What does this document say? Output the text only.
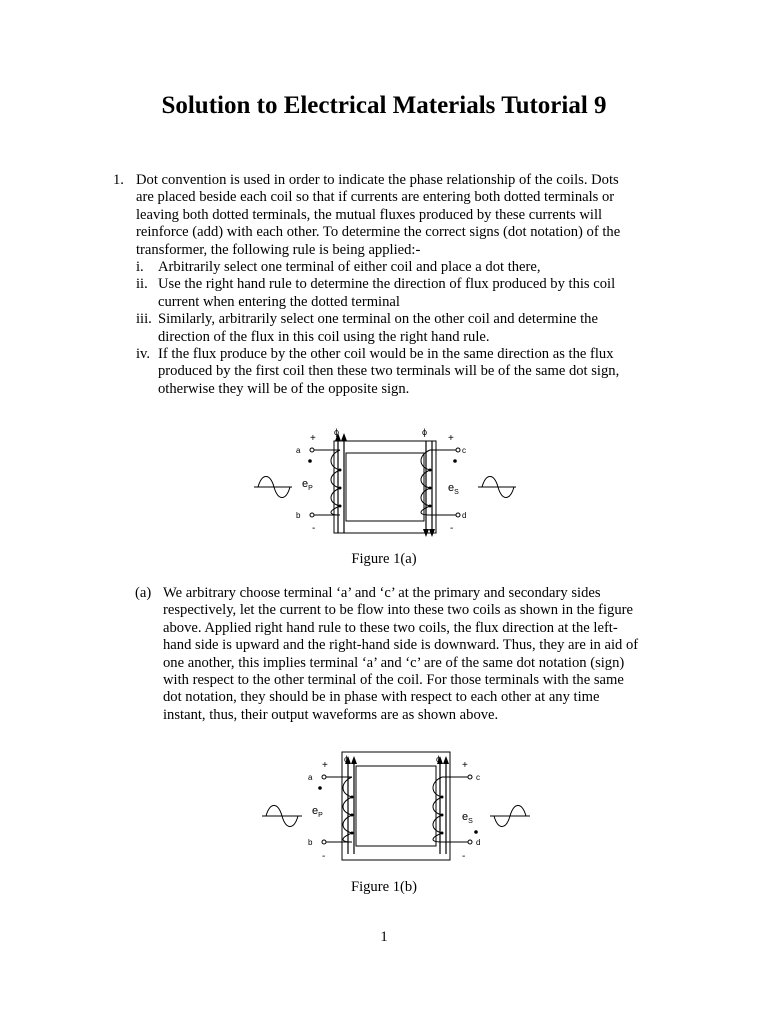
Solution to Electrical Materials Tutorial 9
1. Dot convention is used in order to indicate the phase relationship of the coils. Dots
are placed beside each coil so that if currents are entering both dotted terminals or
leaving both dotted terminals, the mutual fluxes produced by these currents will
reinforce (add) with each other. To determine the correct signs (dot notation) of the
transformer, the following rule is being applied:-
i. Arbitrarily select one terminal of either coil and place a dot there,
ii. Use the right hand rule to determine the direction of flux produced by this coil
current when entering the dotted terminal
iii. Similarly, arbitrarily select one terminal on the other coil and determine the
direction of the flux in this coil using the right hand rule.
iv. If the flux produce by the other coil would be in the same direction as the flux
produced by the first coil then these two terminals will be of the same dot sign,
otherwise they will be of the opposite sign.
ϕ	ϕ
+	+
a	c
b	d
-	-
$e_P$	$e_S$
Figure 1(a)
(a) We arbitrary choose terminal ‘a’ and ‘c’ at the primary and secondary sides
respectively, let the current to be flow into these two coils as shown in the figure
above. Applied right hand rule to these two coils, the flux direction at the left-
hand side is upward and the right-hand side is downward. Thus, they are in aid of
one another, this implies terminal ‘a’ and ‘c’ are of the same dot notation (sign)
with respect to the other terminal of the coil. For those terminals with the same
dot notation, they should be in phase with respect to each other at any time
instant, thus, their output waveforms are as shown above.
ϕ	ϕ
+	+
a	c
b	d
-	-
$e_P$	$e_S$
Figure 1(b)
1
